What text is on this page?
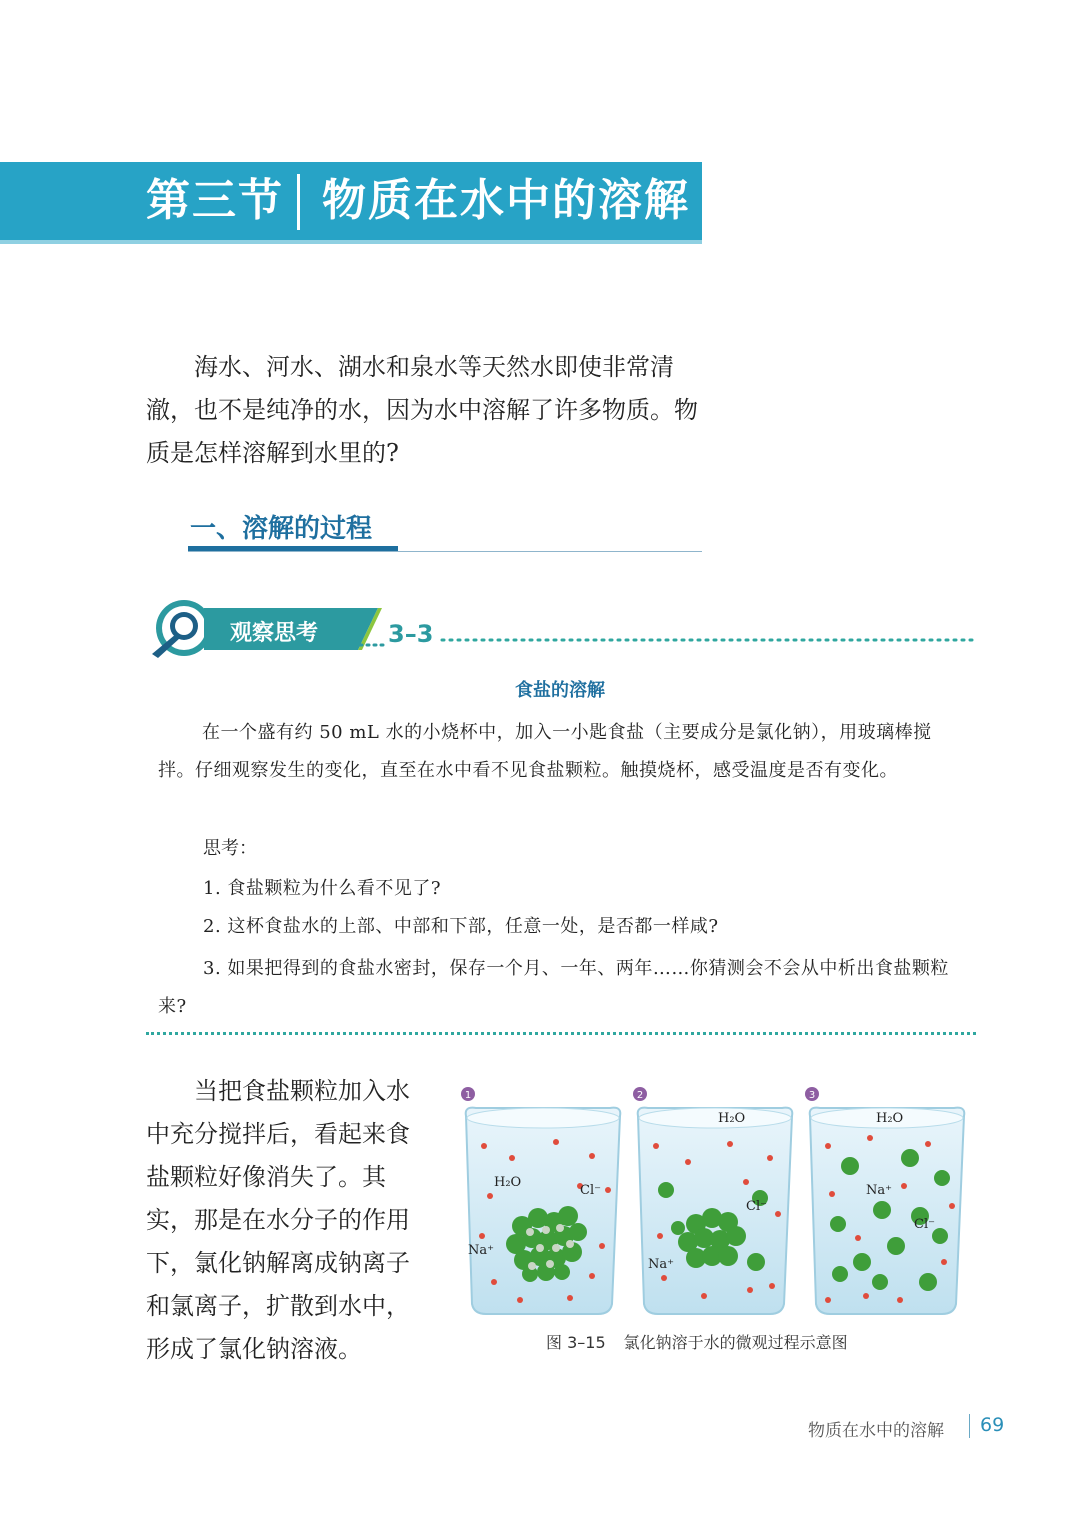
第三节 物质在水中的溶解

海水、河水、湖水和泉水等天然水即使非常清澈，也不是纯净的水，因为水中溶解了许多物质。物质是怎样溶解到水里的?

一、溶解的过程
观察思考	3–3
食盐的溶解

在一个盛有约 50 mL 水的小烧杯中，加入一小匙食盐（主要成分是氯化钠），用玻璃棒搅拌。仔细观察发生的变化，直至在水中看不见食盐颗粒。触摸烧杯，感受温度是否有变化。

思考：
1. 食盐颗粒为什么看不见了?
2. 这杯食盐水的上部、中部和下部，任意一处，是否都一样咸?
3. 如果把得到的食盐水密封，保存一个月、一年、两年……你猜测会不会从中析出食盐颗粒来?

当把食盐颗粒加入水中充分搅拌后，看起来食盐颗粒好像消失了。其实，那是在水分子的作用下，氯化钠解离成钠离子和氯离子，扩散到水中，形成了氯化钠溶液。

1	2	3
H₂O
Cl⁻
Na⁺
H₂O
Cl⁻
Na⁺
H₂O
Na⁺
Cl⁻
图 3–15 氯化钠溶于水的微观过程示意图
物质在水中的溶解 69
